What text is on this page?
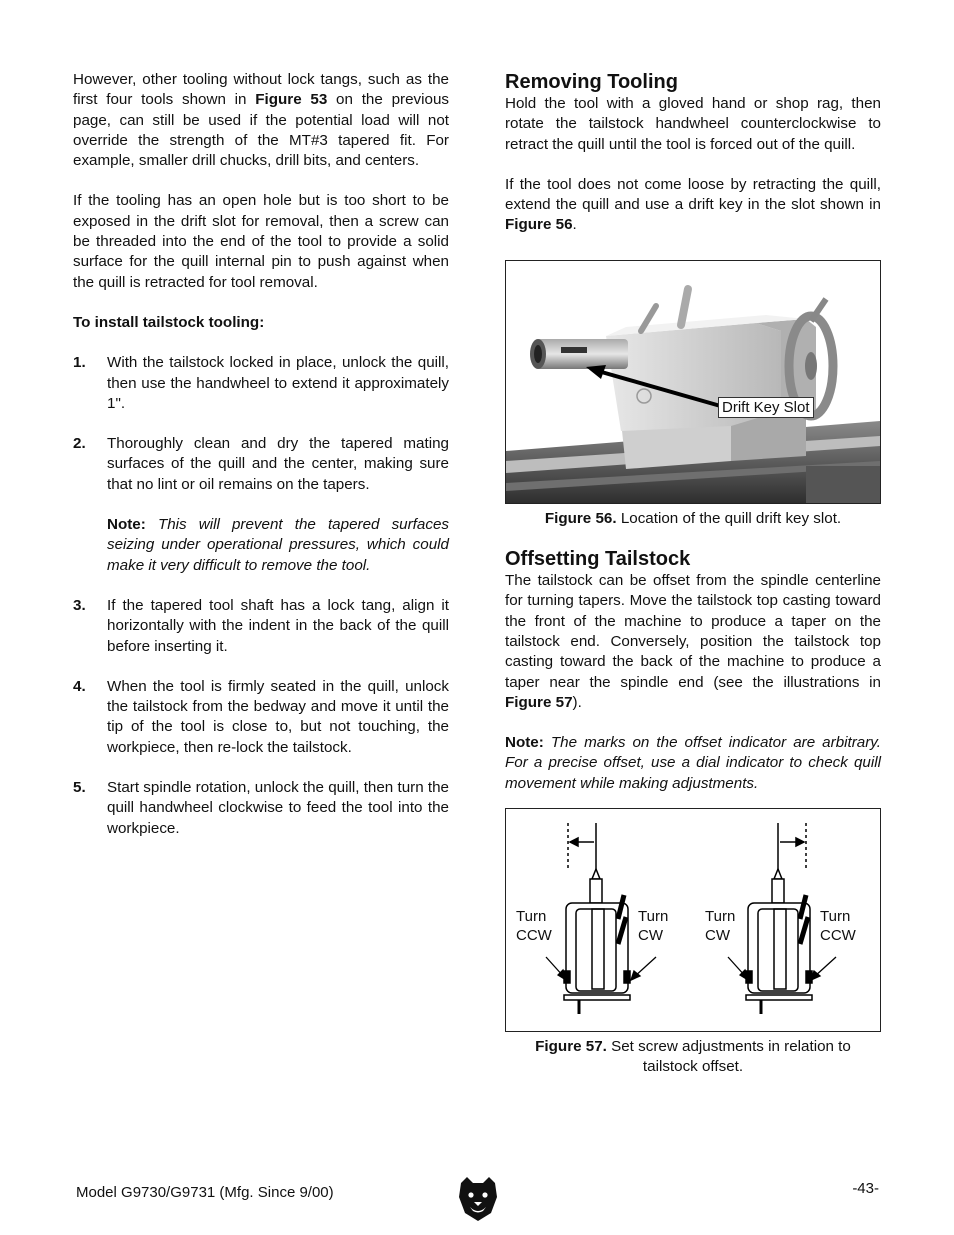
However, other tooling without lock tangs, such as the first four tools shown in Figure 53 on the previous page, can still be used if the potential load will not override the strength of the MT#3 tapered fit. For example, smaller drill chucks, drill bits, and centers.

If the tooling has an open hole but is too short to be exposed in the drift slot for removal, then a screw can be threaded into the end of the tool to provide a solid surface for the quill internal pin to push against when the quill is retracted for tool removal.

To install tailstock tooling:

1.	With the tailstock locked in place, unlock the quill, then use the handwheel to extend it approximately 1".
2.	Thoroughly clean and dry the tapered mating surfaces of the quill and the center, making sure that no lint or oil remains on the tapers.

Note: This will prevent the tapered surfaces seizing under operational pressures, which could make it very difficult to remove the tool.

3.	If the tapered tool shaft has a lock tang, align it horizontally with the indent in the back of the quill before inserting it.
4.	When the tool is firmly seated in the quill, unlock the tailstock from the bedway and move it until the tip of the tool is close to, but not touching, the workpiece, then re-lock the tailstock.
5.	Start spindle rotation, unlock the quill, then turn the quill handwheel clockwise to feed the tool into the workpiece.
Removing Tooling

Hold the tool with a gloved hand or shop rag, then rotate the tailstock handwheel counterclockwise to retract the quill until the tool is forced out of the quill.

If the tool does not come loose by retracting the quill, extend the quill and use a drift key in the slot shown in Figure 56.

Drift Key Slot

Figure 56. Location of the quill drift key slot.

Offsetting Tailstock

The tailstock can be offset from the spindle centerline for turning tapers. Move the tailstock top casting toward the front of the machine to produce a taper on the tailstock end. Conversely, position the tailstock top casting toward the back of the machine to produce a taper near the spindle end (see the illustrations in Figure 57).

Note: The marks on the offset indicator are arbitrary. For a precise offset, use a dial indicator to check quill movement while making adjustments.

Turn
CCW
Turn
CW
Turn
CW
Turn
CCW

Figure 57. Set screw adjustments in relation to tailstock offset.

Model G9730/G9731 (Mfg. Since 9/00)	-43-
